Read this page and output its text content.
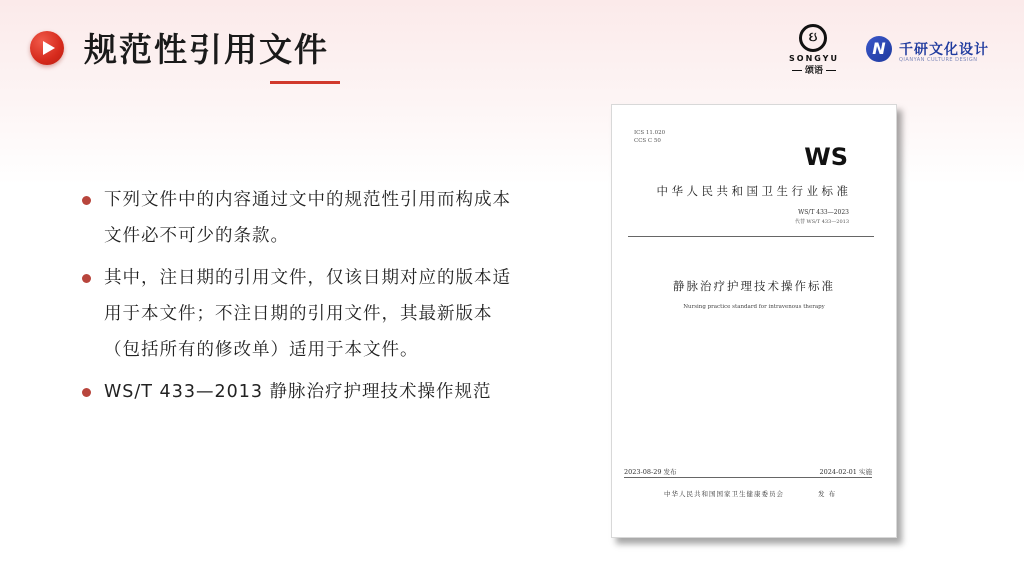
规范性引用文件	ઇ
SONGYU
颂语
N 千研文化设计
QIANYAN CULTURE DESIGN
下列文件中的内容通过文中的规范性引用而构成本文件必不可少的条款。
其中，注日期的引用文件，仅该日期对应的版本适用于本文件；不注日期的引用文件，其最新版本（包括所有的修改单）适用于本文件。
WS/T 433—2013 静脉治疗护理技术操作规范
ICS 11.020
CCS C 50
WS
中华人民共和国卫生行业标准
WS/T 433—2023
代替 WS/T 433—2013
静脉治疗护理技术操作标准
Nursing practice standard for intravenous therapy
2023-08-29 发布	2024-02-01 实施
中华人民共和国国家卫生健康委员会	发 布
